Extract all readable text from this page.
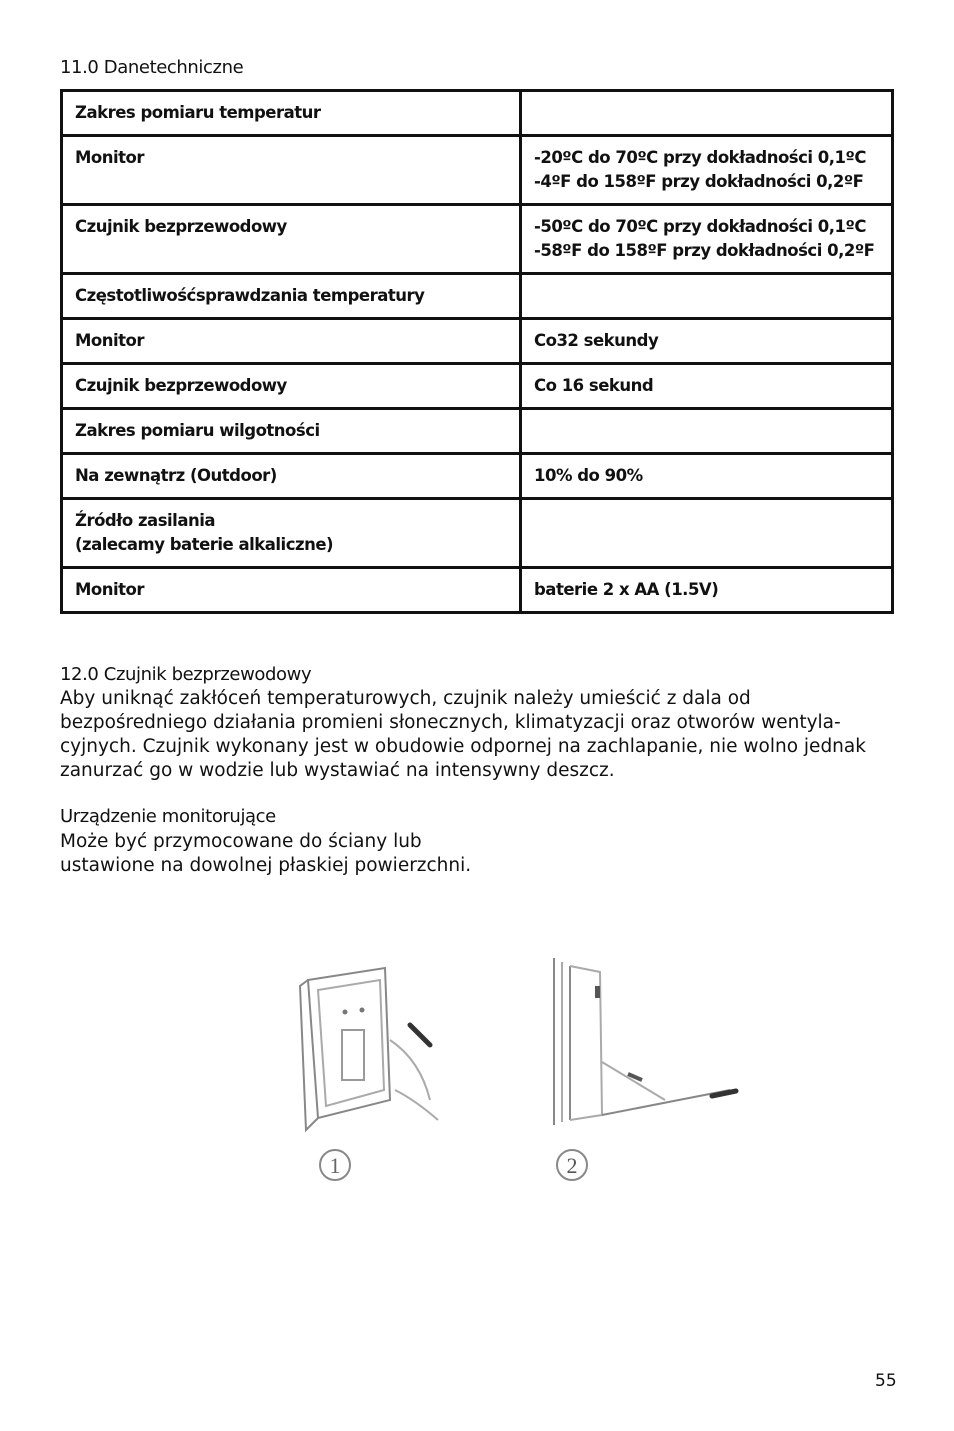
11.0 Danetechniczne
Zakres pomiaru temperatur	
Monitor	-20ºC do 70ºC przy dokładności 0,1ºC
-4ºF do 158ºF przy dokładności 0,2ºF
Czujnik bezprzewodowy	-50ºC do 70ºC przy dokładności 0,1ºC
-58ºF do 158ºF przy dokładności 0,2ºF
Częstotliwośćsprawdzania temperatury	
Monitor	Co32 sekundy
Czujnik bezprzewodowy	Co 16 sekund
Zakres pomiaru wilgotności	
Na zewnątrz (Outdoor)	10% do 90%
Źródło zasilania
(zalecamy baterie alkaliczne)	
Monitor	baterie 2 x AA (1.5V)
12.0 Czujnik bezprzewodowy

Aby uniknąć zakłóceń temperaturowych, czujnik należy umieścić z dala od
bezpośredniego działania promieni słonecznych, klimatyzacji oraz otworów wentyla-
cyjnych. Czujnik wykonany jest w obudowie odpornej na zachlapanie, nie wolno jednak
zanurzać go w wodzie lub wystawiać na intensywny deszcz.

Urządzenie monitorujące

Może być przymocowane do ściany lub
ustawione na dowolnej płaskiej powierzchni.

1	2
55
